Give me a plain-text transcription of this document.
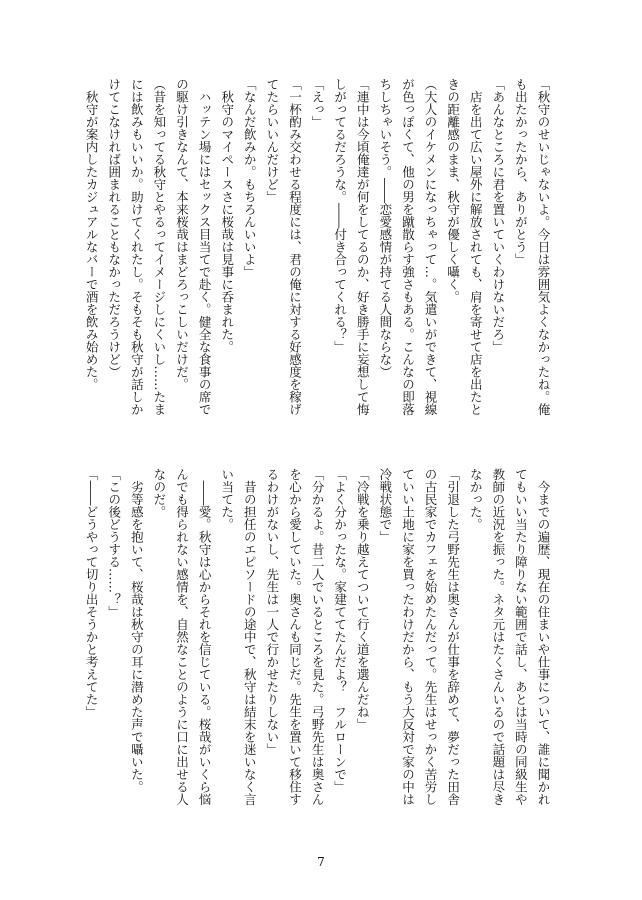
「秋守のせいじゃないよ。今日は雰囲気よくなかったね。俺
も出たかったから、ありがとう」
「あんなところに君を置いていくわけないだろ」
　店を出て広い屋外に解放されても、肩を寄せて店を出たと
きの距離感のまま、秋守が優しく囁く。
（大人のイケメンになっちゃって…。気遣いができて、視線
が色っぽくて、他の男を蹴散らす強さもある。こんなの即落
ちしちゃいそう。――恋愛感情が持てる人間ならな）
「連中は今頃俺達が何をしてるのか、好き勝手に妄想して悔
しがってるだろうな。――付き合ってくれる？」
「えっ」
「一杯酌み交わせる程度には、君の俺に対する好感度を稼げ
てたらいいんだけど」
「なんだ飲みか。もちろんいいよ」
　秋守のマイペースさに桜哉は見事に呑まれた。
　ハッテン場にはセックス目当てで赴く。健全な食事の席で
の駆け引きなんて、本来桜哉はまどろっこしいだけだ。
（昔を知ってる秋守とやるってイメージしにくいし……たま
には飲みもいいか。助けてくれたし。そもそも秋守が話しか
けてこなければ囲まれることもなかっただろうけど）
　秋守が案内したカジュアルなバーで酒を飲み始めた。
　今までの遍歴、現在の住まいや仕事について、誰に聞かれ
てもいい当たり障りない範囲で話し、あとは当時の同級生や
教師の近況を振った。ネタ元はたくさんいるので話題は尽き
なかった。
「引退した弓野先生は奥さんが仕事を辞めて、夢だった田舎
の古民家でカフェを始めたんだって。先生はせっかく苦労し
ていい土地に家を買ったわけだから、もう大反対で家の中は
冷戦状態で」
「冷戦を乗り越えてついて行く道を選んだね」
「よく分かったな。家建ててたんだよ？　フルローンで」
「分かるよ。昔二人でいるところを見た。弓野先生は奥さん
を心から愛していた。奥さんも同じだ。先生を置いて移住す
るわけがないし、先生は一人で行かせたりしない」
　昔の担任のエピソードの途中で、秋守は結末を迷いなく言
い当てた。
　――愛。秋守は心からそれを信じている。桜哉がいくら悩
んでも得られない感情を、自然なことのように口に出せる人
なのだ。
　劣等感を抱いて、桜哉は秋守の耳に潜めた声で囁いた。
「この後どうする……？」
「――どうやって切り出そうかと考えてた」
7
